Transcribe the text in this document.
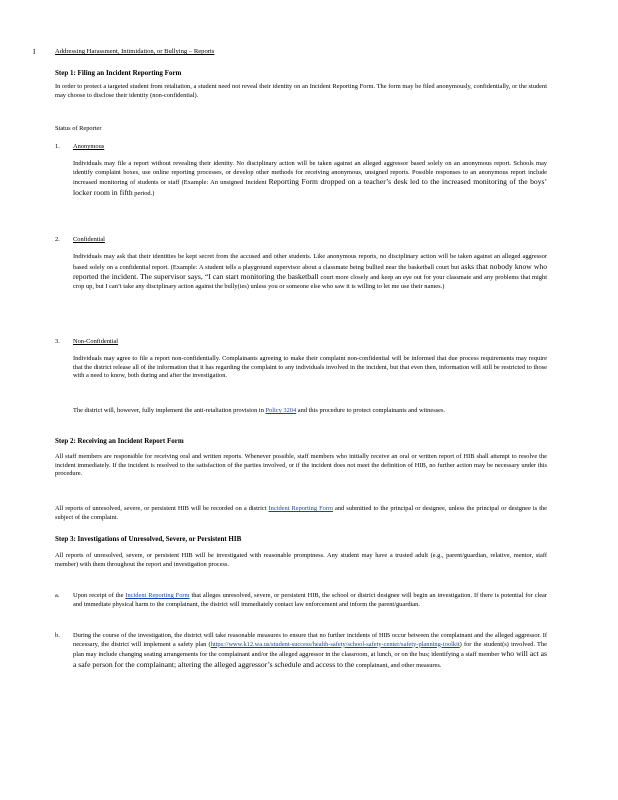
I	Addressing Harassment, Intimidation, or Bullying – Reports
Step 1: Filing an Incident Reporting Form
In order to protect a targeted student from retaliation, a student need not reveal their identity on an Incident Reporting Form. The form may be filed anonymously, confidentially, or the student may choose to disclose their identity (non-confidential).
Status of Reporter
1. Anonymous
Individuals may file a report without revealing their identity. No disciplinary action will be taken against an alleged aggressor based solely on an anonymous report. Schools may identify complaint boxes, use online reporting processes, or develop other methods for receiving anonymous, unsigned reports. Possible responses to an anonymous report include increased monitoring of students or staff (Example: An unsigned Incident Reporting Form dropped on a teacher’s desk led to the increased monitoring of the boys’ locker room in fifth period.)
2. Confidential
Individuals may ask that their identities be kept secret from the accused and other students. Like anonymous reports, no disciplinary action will be taken against an alleged aggressor based solely on a confidential report. (Example: A student tells a playground supervisor about a classmate being bullied near the basketball court but asks that nobody know who reported the incident. The supervisor says, “I can start monitoring the basketball court more closely and keep an eye out for your classmate and any problems that might crop up, but I can’t take any disciplinary action against the bully(ies) unless you or someone else who saw it is willing to let me use their names.)
3. Non-Confidential
Individuals may agree to file a report non-confidentially. Complainants agreeing to make their complaint non-confidential will be informed that due process requirements may require that the district release all of the information that it has regarding the complaint to any individuals involved in the incident, but that even then, information will still be restricted to those with a need to know, both during and after the investigation.
The district will, however, fully implement the anti-retaliation provision in Policy 3204 and this procedure to protect complainants and witnesses.
Step 2: Receiving an Incident Report Form
All staff members are responsible for receiving oral and written reports. Whenever possible, staff members who initially receive an oral or written report of HIB shall attempt to resolve the incident immediately. If the incident is resolved to the satisfaction of the parties involved, or if the incident does not meet the definition of HIB, no further action may be necessary under this procedure.
All reports of unresolved, severe, or persistent HIB will be recorded on a district Incident Reporting Form and submitted to the principal or designee, unless the principal or designee is the subject of the complaint.
Step 3: Investigations of Unresolved, Severe, or Persistent HIB
All reports of unresolved, severe, or persistent HIB will be investigated with reasonable promptness. Any student may have a trusted adult (e.g., parent/guardian, relative, mentor, staff member) with them throughout the report and investigation process.
a. Upon receipt of the Incident Reporting Form that alleges unresolved, severe, or persistent HIB, the school or district designee will begin an investigation. If there is potential for clear and immediate physical harm to the complainant, the district will immediately contact law enforcement and inform the parent/guardian.
b. During the course of the investigation, the district will take reasonable measures to ensure that no further incidents of HIB occur between the complainant and the alleged aggressor. If necessary, the district will implement a safety plan (https://www.k12.wa.us/student-success/health-safety/school-safety-center/safety-planning-toolkit) for the student(s) involved. The plan may include changing seating arrangements for the complainant and/or the alleged aggressor in the classroom, at lunch, or on the bus; identifying a staff member who will act as a safe person for the complainant; altering the alleged aggressor’s schedule and access to the complainant, and other measures.
